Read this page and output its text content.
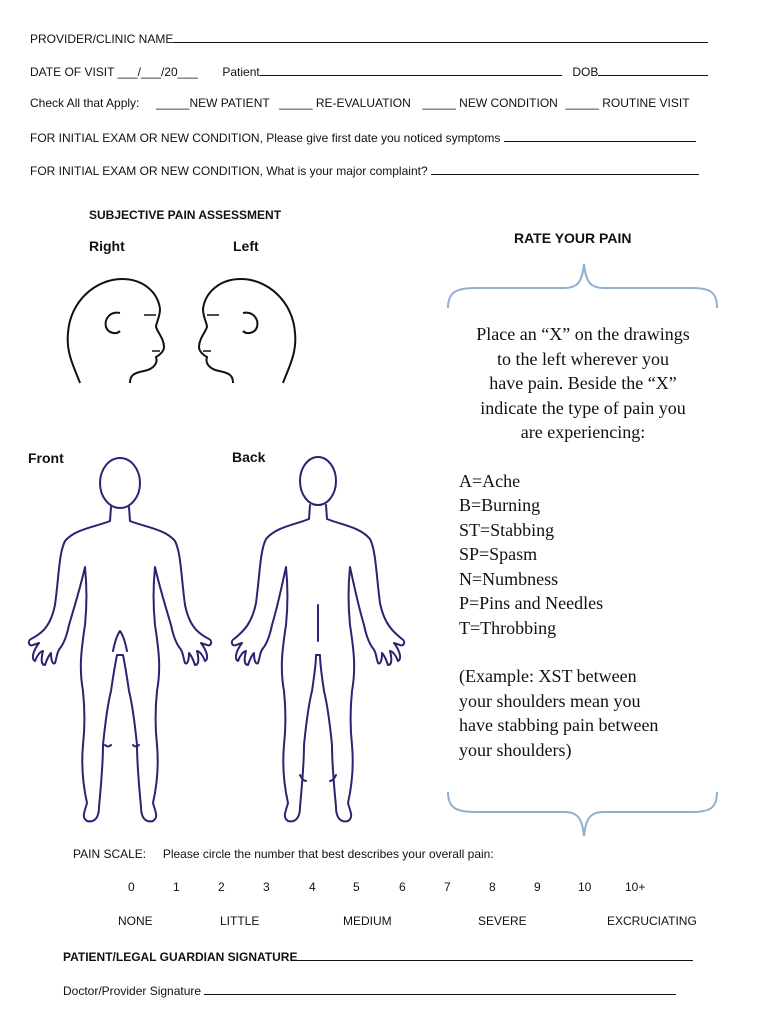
PROVIDER/CLINIC NAME
DATE OF VISIT ___/___/20___ Patient	DOB
Check All that Apply: _____NEW PATIENT _____ RE-EVALUATION _____ NEW CONDITION _____ ROUTINE VISIT
FOR INITIAL EXAM OR NEW CONDITION, Please give first date you noticed symptoms
FOR INITIAL EXAM OR NEW CONDITION, What is your major complaint?
SUBJECTIVE PAIN ASSESSMENT
Right	Left
Front	Back
RATE YOUR PAIN
Place an “X” on the drawings
to the left wherever you
have pain. Beside the “X”
indicate the type of pain you
are experiencing:
A=Ache
B=Burning
ST=Stabbing
SP=Spasm
N=Numbness
P=Pins and Needles
T=Throbbing
(Example: XST between
your shoulders mean you
have stabbing pain between
your shoulders)
PAIN SCALE: Please circle the number that best describes your overall pain:
0	1	2	3	4	5	6	7	8	9	10	10+
NONE	LITTLE	MEDIUM	SEVERE	EXCRUCIATING
PATIENT/LEGAL GUARDIAN SIGNATURE
Doctor/Provider Signature
